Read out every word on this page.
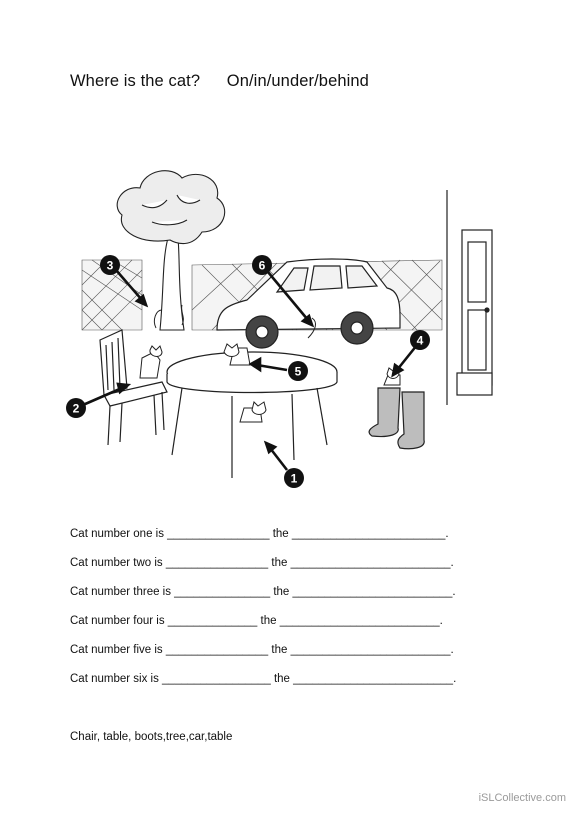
Where is the cat? On/in/under/behind
1
2
3
4
5
6
Cat number one is ________________ the ________________________.
Cat number two is ________________ the _________________________.
Cat number three is _______________ the _________________________.
Cat number four is ______________ the _________________________.
Cat number five is ________________ the _________________________.
Cat number six is _________________ the _________________________.
Chair, table, boots,tree,car,table
iSLCollective.com
